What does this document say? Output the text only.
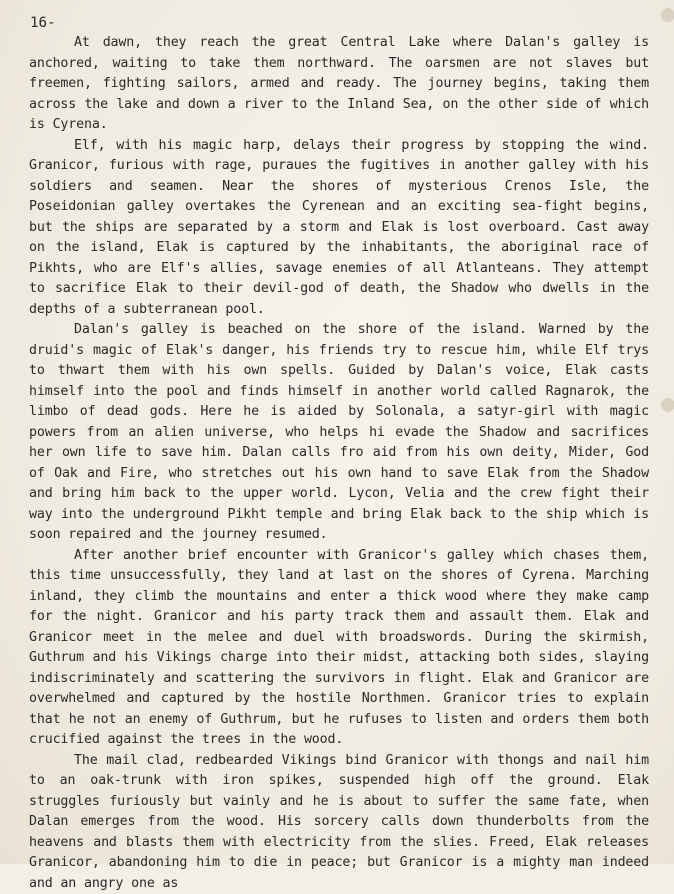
16-

At dawn, they reach the great Central Lake where Dalan's galley is anchored, waiting to take them northward. The oarsmen are not slaves but freemen, fighting sailors, armed and ready. The journey begins, taking them across the lake and down a river to the Inland Sea, on the other side of which is Cyrena.

Elf, with his magic harp, delays their progress by stopping the wind. Granicor, furious with rage, puraues the fugitives in another galley with his soldiers and seamen. Near the shores of mysterious Crenos Isle, the Poseidonian galley overtakes the Cyrenean and an exciting sea-fight begins, but the ships are separated by a storm and Elak is lost overboard. Cast away on the island, Elak is captured by the inhabitants, the aboriginal race of Pikhts, who are Elf's allies, savage enemies of all Atlanteans. They attempt to sacrifice Elak to their devil-god of death, the Shadow who dwells in the depths of a subterranean pool.

Dalan's galley is beached on the shore of the island. Warned by the druid's magic of Elak's danger, his friends try to rescue him, while Elf trys to thwart them with his own spells. Guided by Dalan's voice, Elak casts himself into the pool and finds himself in another world called Ragnarok, the limbo of dead gods. Here he is aided by Solonala, a satyr-girl with magic powers from an alien universe, who helps hi evade the Shadow and sacrifices her own life to save him. Dalan calls fro aid from his own deity, Mider, God of Oak and Fire, who stretches out his own hand to save Elak from the Shadow and bring him back to the upper world. Lycon, Velia and the crew fight their way into the underground Pikht temple and bring Elak back to the ship which is soon repaired and the journey resumed.

After another brief encounter with Granicor's galley which chases them, this time unsuccessfully, they land at last on the shores of Cyrena. Marching inland, they climb the mountains and enter a thick wood where they make camp for the night. Granicor and his party track them and assault them. Elak and Granicor meet in the melee and duel with broadswords. During the skirmish, Guthrum and his Vikings charge into their midst, attacking both sides, slaying indiscriminately and scattering the survivors in flight. Elak and Granicor are overwhelmed and captured by the hostile Northmen. Granicor tries to explain that he not an enemy of Guthrum, but he rufuses to listen and orders them both crucified against the trees in the wood.

The mail clad, redbearded Vikings bind Granicor with thongs and nail him to an oak-trunk with iron spikes, suspended high off the ground. Elak struggles furiously but vainly and he is about to suffer the same fate, when Dalan emerges from the wood. His sorcery calls down thunderbolts from the heavens and blasts them with electricity from the slies. Freed, Elak releases Granicor, abandoning him to die in peace; but Granicor is a mighty man indeed and an angry one as
